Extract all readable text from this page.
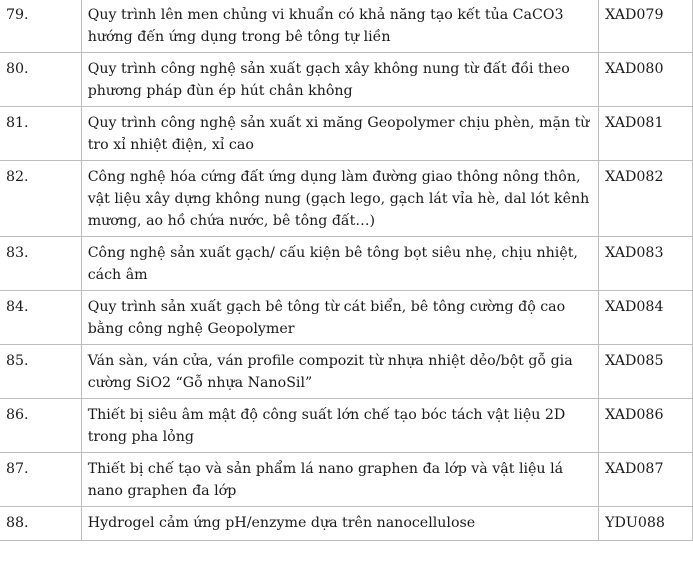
79.	Quy trình lên men chủng vi khuẩn có khả năng tạo kết tủa CaCO3 hướng đến ứng dụng trong bê tông tự liền	XAD079
80.	Quy trình công nghệ sản xuất gạch xây không nung từ đất đồi theo phương pháp đùn ép hút chân không	XAD080
81.	Quy trình công nghệ sản xuất xi măng Geopolymer chịu phèn, mặn từ tro xỉ nhiệt điện, xỉ cao	XAD081
82.	Công nghệ hóa cứng đất ứng dụng làm đường giao thông nông thôn, vật liệu xây dựng không nung (gạch lego, gạch lát vỉa hè, dal lót kênh mương, ao hồ chứa nước, bê tông đất…)	XAD082
83.	Công nghệ sản xuất gạch/ cấu kiện bê tông bọt siêu nhẹ, chịu nhiệt, cách âm	XAD083
84.	Quy trình sản xuất gạch bê tông từ cát biển, bê tông cường độ cao bằng công nghệ Geopolymer	XAD084
85.	Ván sàn, ván cửa, ván profile compozit từ nhựa nhiệt dẻo/bột gỗ gia cường SiO2 “Gỗ nhựa NanoSil”	XAD085
86.	Thiết bị siêu âm mật độ công suất lớn chế tạo bóc tách vật liệu 2D trong pha lỏng	XAD086
87.	Thiết bị chế tạo và sản phẩm lá nano graphen đa lớp và vật liệu lá nano graphen đa lớp	XAD087
88.	Hydrogel cảm ứng pH/enzyme dựa trên nanocellulose	YDU088
